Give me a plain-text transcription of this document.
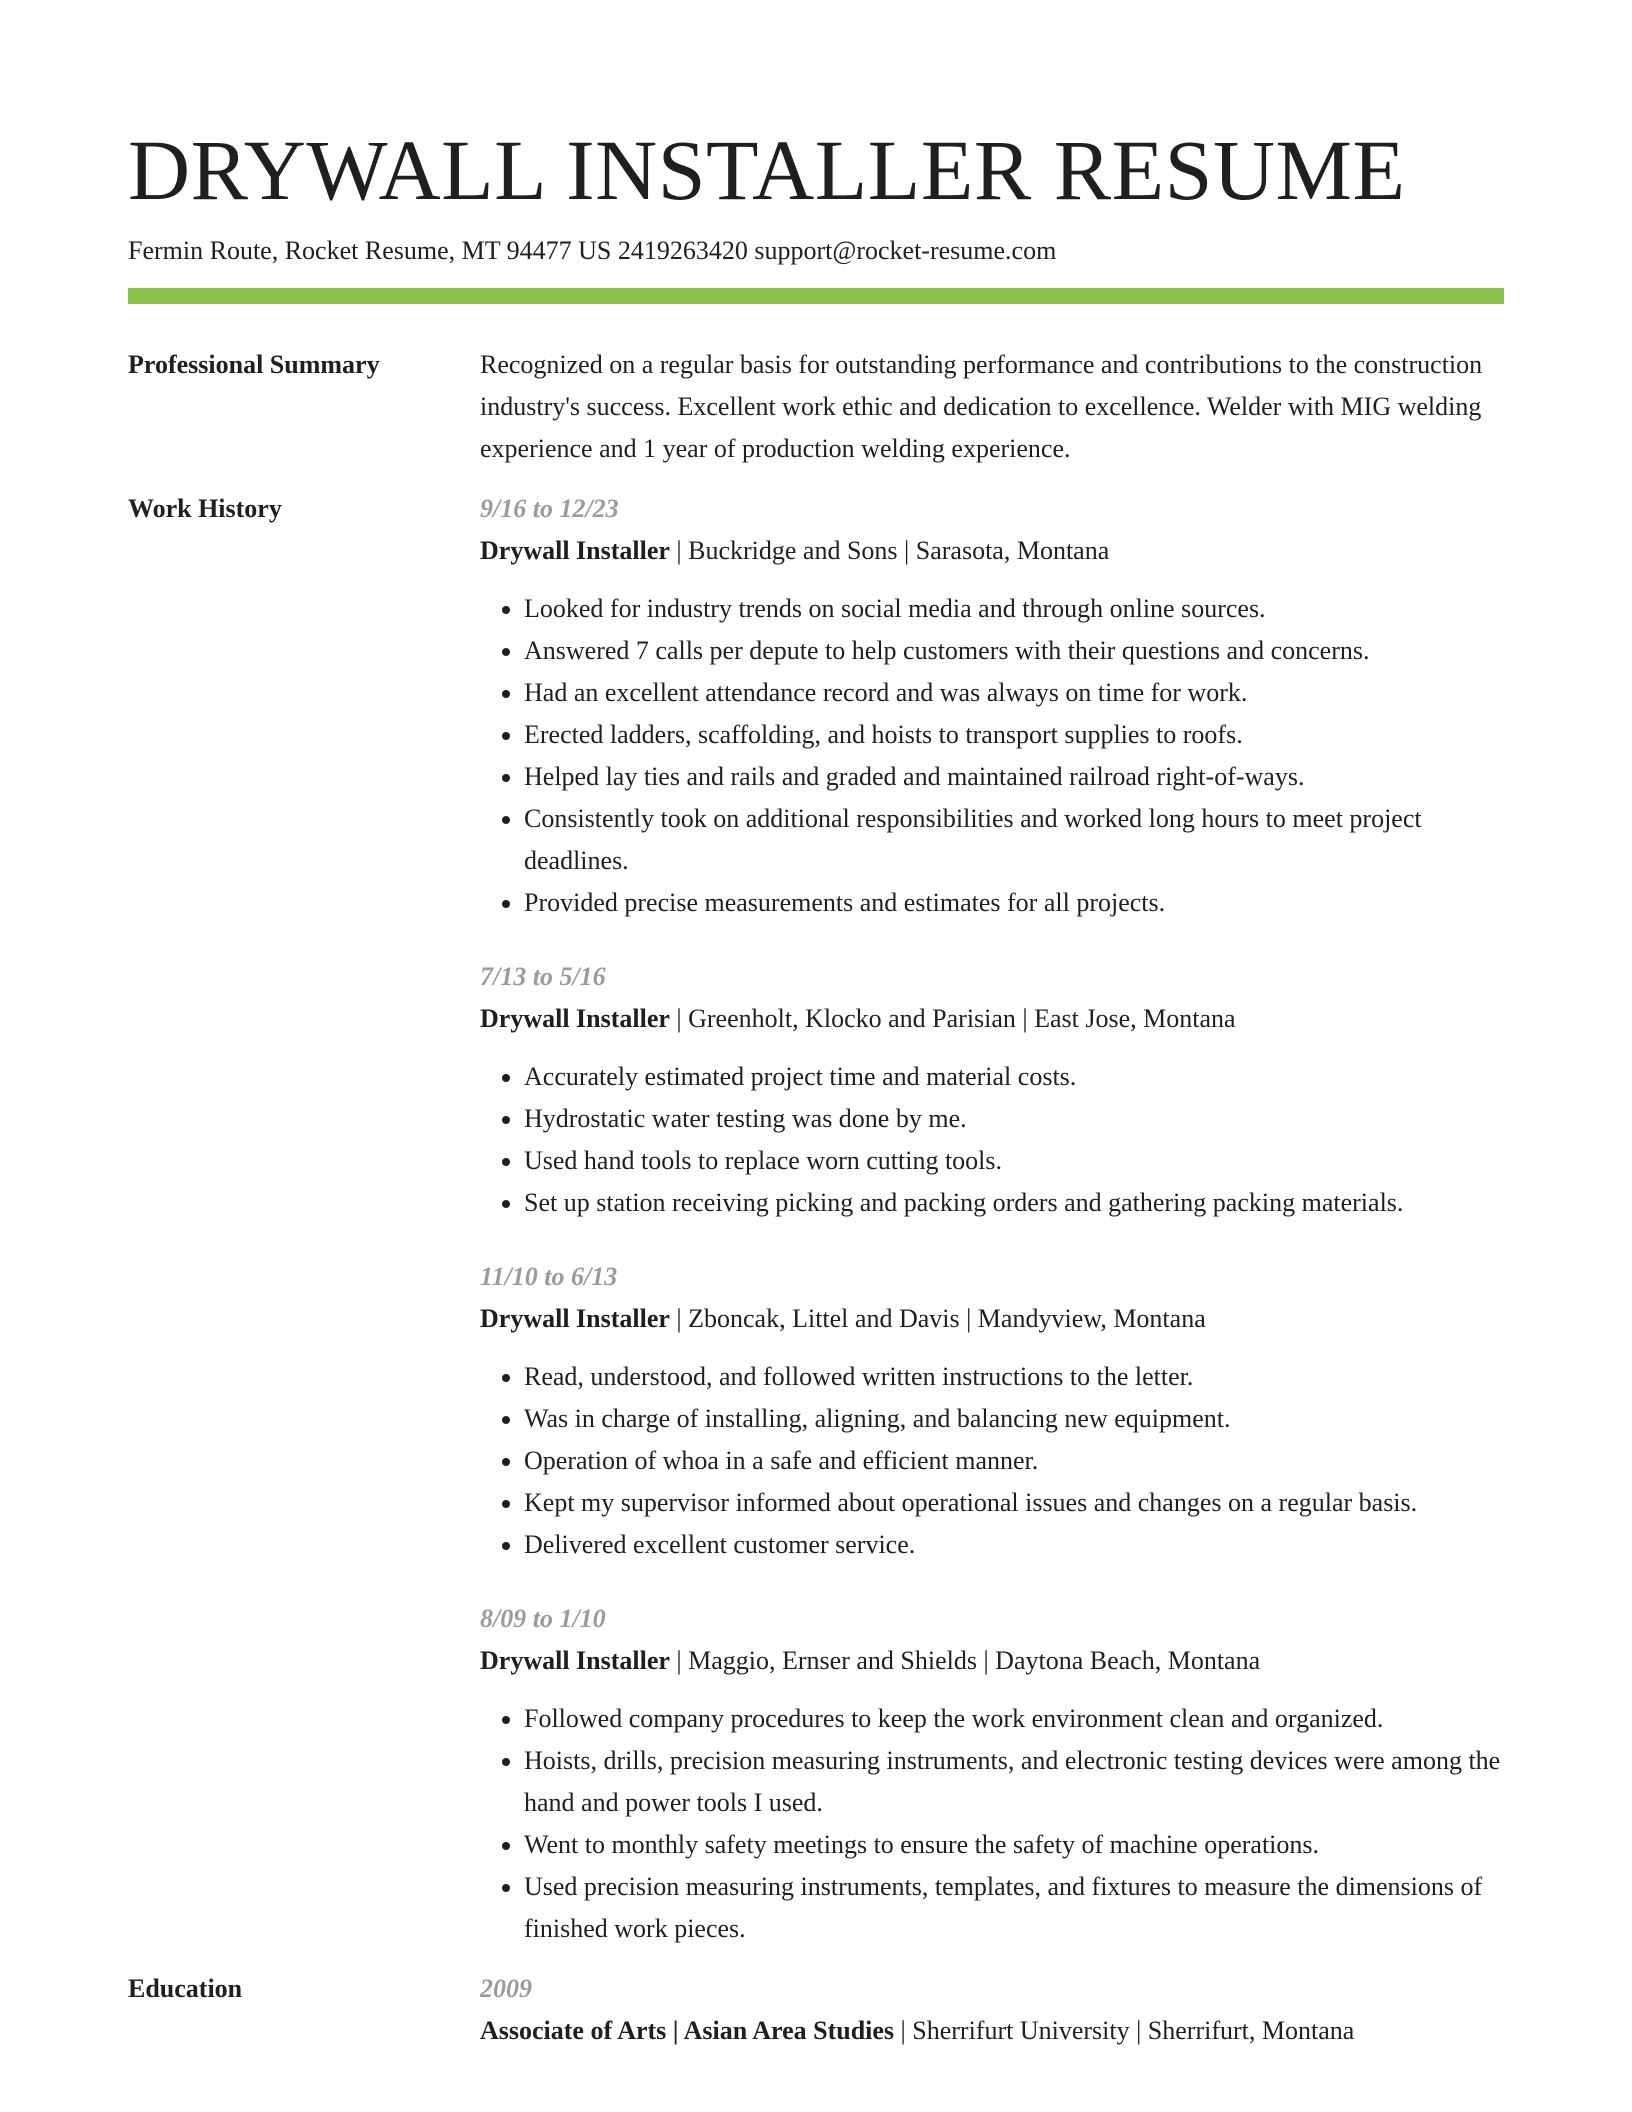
DRYWALL INSTALLER RESUME
Fermin Route, Rocket Resume, MT 94477 US 2419263420 support@rocket-resume.com
Professional Summary	Recognized on a regular basis for outstanding performance and contributions to the construction industry's success. Excellent work ethic and dedication to excellence. Welder with MIG welding experience and 1 year of production welding experience.

Work History	9/16 to 12/23
Drywall Installer | Buckridge and Sons | Sarasota, Montana
• Looked for industry trends on social media and through online sources.
• Answered 7 calls per depute to help customers with their questions and concerns.
• Had an excellent attendance record and was always on time for work.
• Erected ladders, scaffolding, and hoists to transport supplies to roofs.
• Helped lay ties and rails and graded and maintained railroad right-of-ways.
• Consistently took on additional responsibilities and worked long hours to meet project deadlines.
• Provided precise measurements and estimates for all projects.
7/13 to 5/16
Drywall Installer | Greenholt, Klocko and Parisian | East Jose, Montana
• Accurately estimated project time and material costs.
• Hydrostatic water testing was done by me.
• Used hand tools to replace worn cutting tools.
• Set up station receiving picking and packing orders and gathering packing materials.
11/10 to 6/13
Drywall Installer | Zboncak, Littel and Davis | Mandyview, Montana
• Read, understood, and followed written instructions to the letter.
• Was in charge of installing, aligning, and balancing new equipment.
• Operation of whoa in a safe and efficient manner.
• Kept my supervisor informed about operational issues and changes on a regular basis.
• Delivered excellent customer service.
8/09 to 1/10
Drywall Installer | Maggio, Ernser and Shields | Daytona Beach, Montana
• Followed company procedures to keep the work environment clean and organized.
• Hoists, drills, precision measuring instruments, and electronic testing devices were among the hand and power tools I used.
• Went to monthly safety meetings to ensure the safety of machine operations.
• Used precision measuring instruments, templates, and fixtures to measure the dimensions of finished work pieces.
Education	2009
Associate of Arts | Asian Area Studies | Sherrifurt University | Sherrifurt, Montana
